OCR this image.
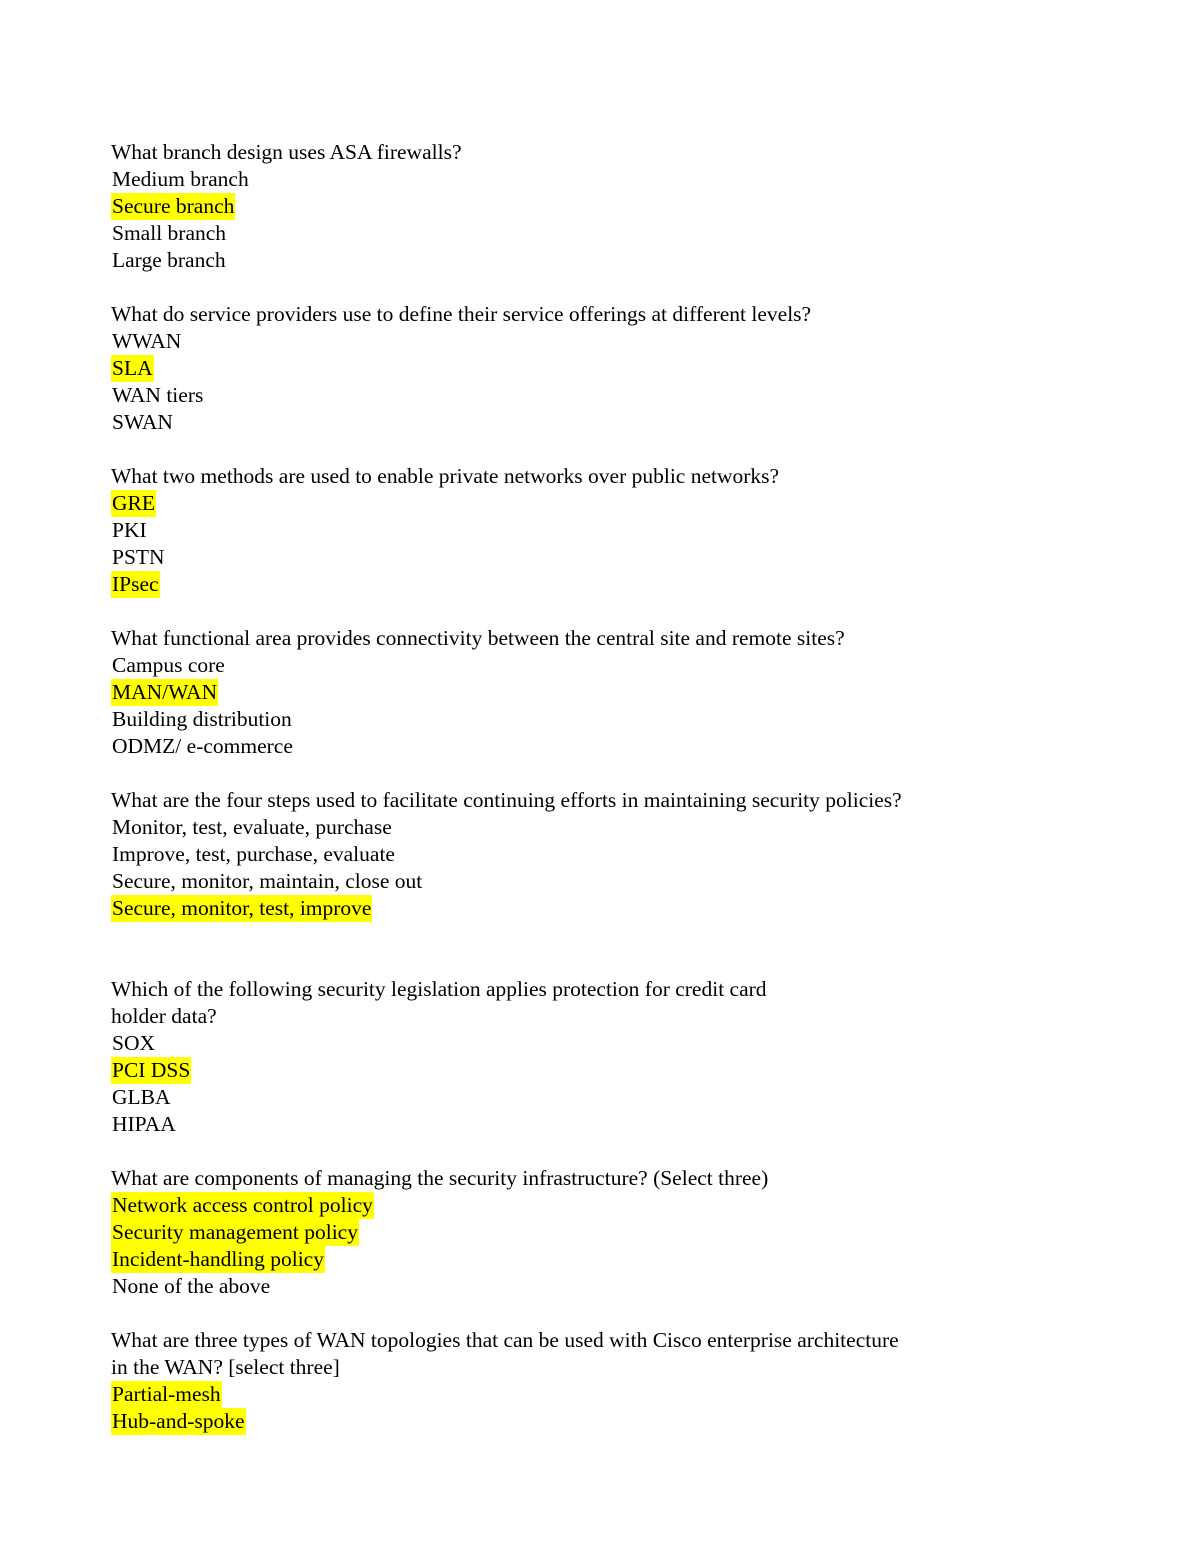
What branch design uses ASA firewalls?

Medium branch
Secure branch
Small branch
Large branch

What do service providers use to define their service offerings at different levels?

WWAN
SLA
WAN tiers
SWAN

What two methods are used to enable private networks over public networks?

GRE
PKI
PSTN
IPsec

What functional area provides connectivity between the central site and remote sites?

Campus core
MAN/WAN
Building distribution
ODMZ/ e-commerce

What are the four steps used to facilitate continuing efforts in maintaining security policies?

Monitor, test, evaluate, purchase
Improve, test, purchase, evaluate
Secure, monitor, maintain, close out
Secure, monitor, test, improve

Which of the following security legislation applies protection for credit card
holder data?

SOX
PCI DSS
GLBA
HIPAA

What are components of managing the security infrastructure? (Select three)

Network access control policy
Security management policy
Incident-handling policy
None of the above

What are three types of WAN topologies that can be used with Cisco enterprise architecture
in the WAN? [select three]

Partial-mesh
Hub-and-spoke
